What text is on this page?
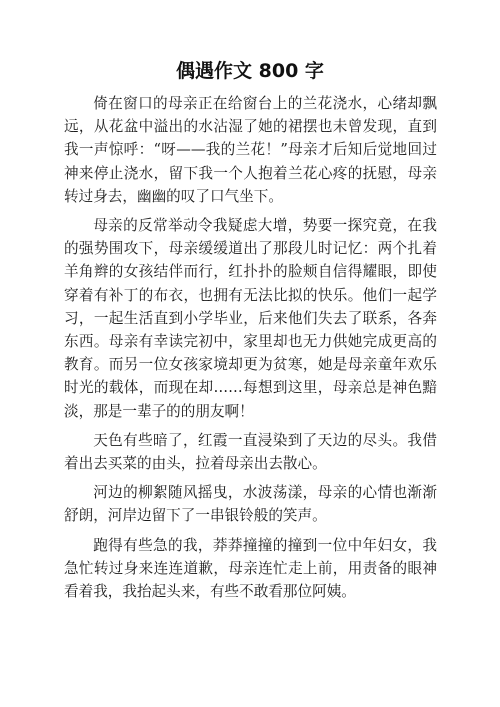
偶遇作文 800 字

倚在窗口的母亲正在给窗台上的兰花浇水，心绪却飘远，从花盆中溢出的水沾湿了她的裙摆也未曾发现，直到我一声惊呼：“呀——我的兰花！”母亲才后知后觉地回过神来停止浇水，留下我一个人抱着兰花心疼的抚慰，母亲转过身去，幽幽的叹了口气坐下。

母亲的反常举动令我疑虑大增，势要一探究竟，在我的强势围攻下，母亲缓缓道出了那段儿时记忆：两个扎着羊角辫的女孩结伴而行，红扑扑的脸颊自信得耀眼，即使穿着有补丁的布衣，也拥有无法比拟的快乐。他们一起学习，一起生活直到小学毕业，后来他们失去了联系，各奔东西。母亲有幸读完初中，家里却也无力供她完成更高的教育。而另一位女孩家境却更为贫寒，她是母亲童年欢乐时光的载体，而现在却……每想到这里，母亲总是神色黯淡，那是一辈子的的朋友啊！

天色有些暗了，红霞一直浸染到了天边的尽头。我借着出去买菜的由头，拉着母亲出去散心。

河边的柳絮随风摇曳，水波荡漾，母亲的心情也渐渐舒朗，河岸边留下了一串银铃般的笑声。

跑得有些急的我，莽莽撞撞的撞到一位中年妇女，我急忙转过身来连连道歉，母亲连忙走上前，用责备的眼神看着我，我抬起头来，有些不敢看那位阿姨。
